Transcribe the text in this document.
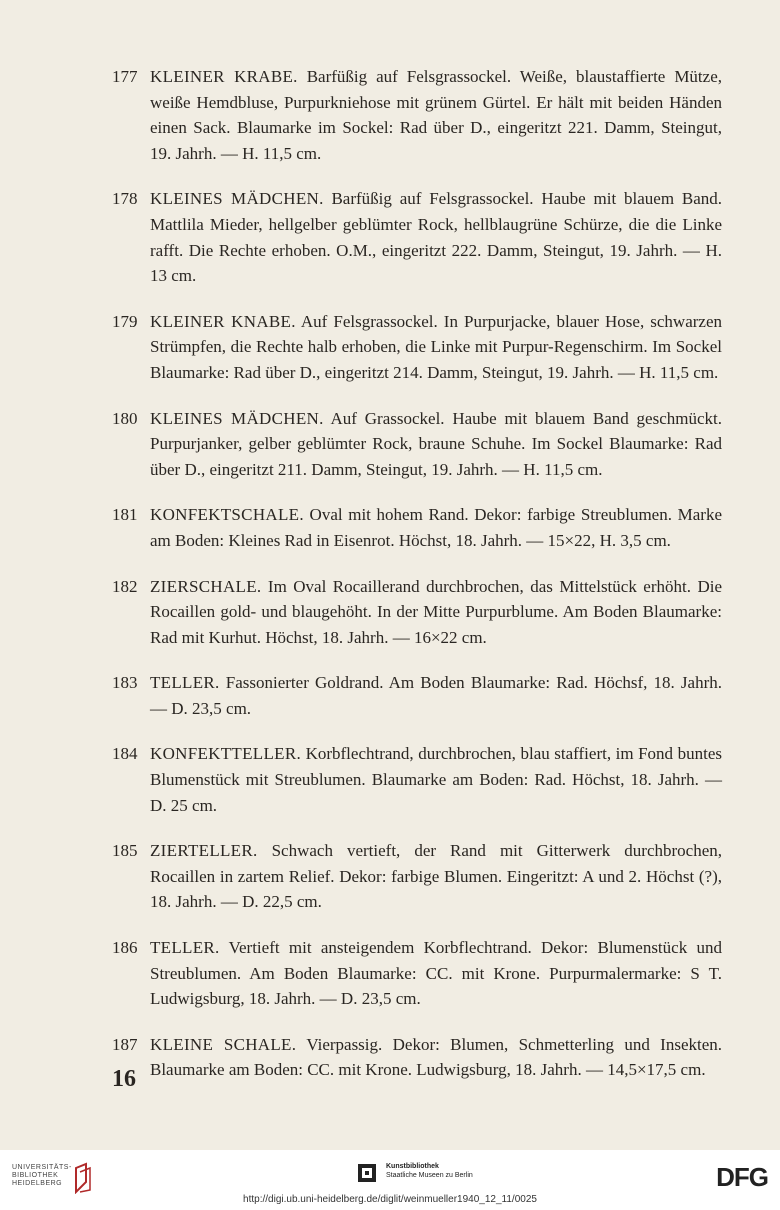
177 KLEINER KRABE. Barfüßig auf Felsgrassockel. Weiße, blaustaffierte Mütze, weiße Hemdbluse, Purpurkniehose mit grünem Gürtel. Er hält mit beiden Händen einen Sack. Blaumarke im Sockel: Rad über D., eingeritzt 221. Damm, Steingut, 19. Jahrh. — H. 11,5 cm.
178 KLEINES MÄDCHEN. Barfüßig auf Felsgrassockel. Haube mit blauem Band. Mattlila Mieder, hellgelber geblümter Rock, hellblaugrüne Schürze, die die Linke rafft. Die Rechte erhoben. O.M., eingeritzt 222. Damm, Steingut, 19. Jahrh. — H. 13 cm.
179 KLEINER KNABE. Auf Felsgrassockel. In Purpurjacke, blauer Hose, schwarzen Strümpfen, die Rechte halb erhoben, die Linke mit Purpur-Regenschirm. Im Sockel Blaumarke: Rad über D., eingeritzt 214. Damm, Steingut, 19. Jahrh. — H. 11,5 cm.
180 KLEINES MÄDCHEN. Auf Grassockel. Haube mit blauem Band geschmückt. Purpurjanker, gelber geblümter Rock, braune Schuhe. Im Sockel Blaumarke: Rad über D., eingeritzt 211. Damm, Steingut, 19. Jahrh. — H. 11,5 cm.
181 KONFEKTSCHALE. Oval mit hohem Rand. Dekor: farbige Streublumen. Marke am Boden: Kleines Rad in Eisenrot. Höchst, 18. Jahrh. — 15×22, H. 3,5 cm.
182 ZIERSCHALE. Im Oval Rocaillerand durchbrochen, das Mittelstück erhöht. Die Rocaillen gold- und blaugehöht. In der Mitte Purpurblume. Am Boden Blaumarke: Rad mit Kurhut. Höchst, 18. Jahrh. — 16×22 cm.
183 TELLER. Fassonierter Goldrand. Am Boden Blaumarke: Rad. Höchsf, 18. Jahrh. — D. 23,5 cm.
184 KONFEKTTELLER. Korbflechtrand, durchbrochen, blau staffiert, im Fond buntes Blumenstück mit Streublumen. Blaumarke am Boden: Rad. Höchst, 18. Jahrh. — D. 25 cm.
185 ZIERTELLER. Schwach vertieft, der Rand mit Gitterwerk durchbrochen, Rocaillen in zartem Relief. Dekor: farbige Blumen. Eingeritzt: A und 2. Höchst (?), 18. Jahrh. — D. 22,5 cm.
186 TELLER. Vertieft mit ansteigendem Korbflechtrand. Dekor: Blumenstück und Streublumen. Am Boden Blaumarke: CC. mit Krone. Purpurmalermarke: S T. Ludwigsburg, 18. Jahrh. — D. 23,5 cm.
187 KLEINE SCHALE. Vierpassig. Dekor: Blumen, Schmetterling und Insekten. Blaumarke am Boden: CC. mit Krone. Ludwigsburg, 18. Jahrh. — 14,5×17,5 cm.
16
UNIVERSITÄTS-
BIBLIOTHEK
HEIDELBERG
Kunstbibliothek
Staatliche Museen zu Berlin	DFG
http://digi.ub.uni-heidelberg.de/diglit/weinmueller1940_12_11/0025
